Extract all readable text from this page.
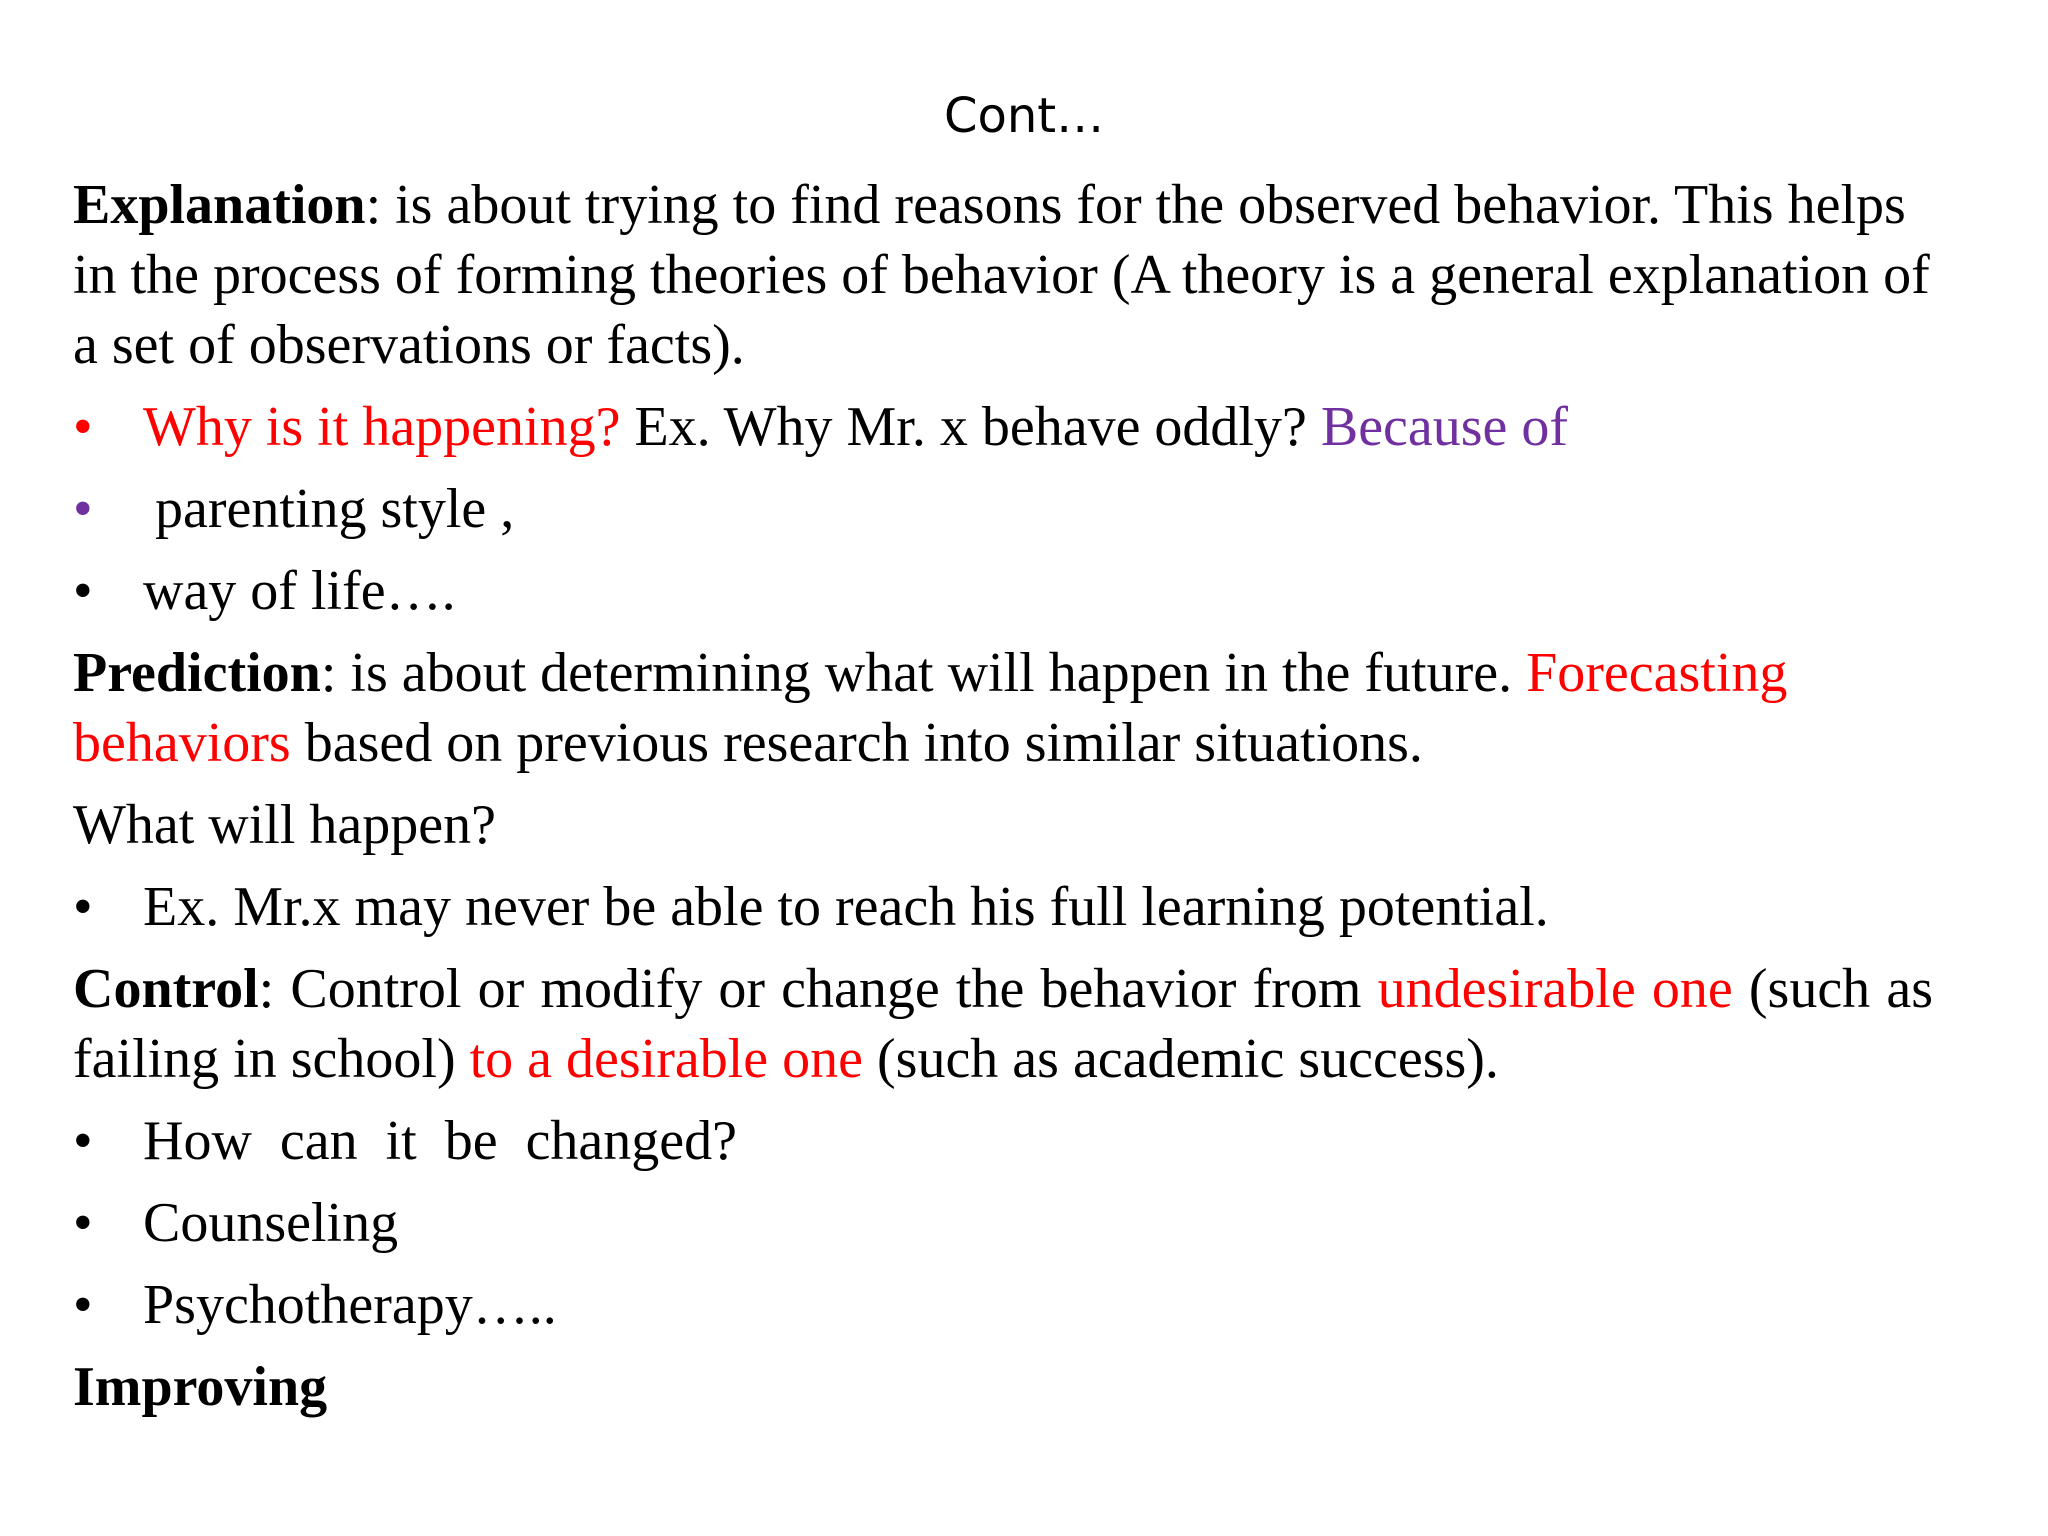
Cont…

Explanation: is about trying to find reasons for the observed behavior. This helps in the process of forming theories of behavior (A theory is a general explanation of a set of observations or facts).

• Why is it happening? Ex. Why Mr. x behave oddly? Because of
• parenting style ,
• way of life….

Prediction: is about determining what will happen in the future. Forecasting behaviors based on previous research into similar situations.

What will happen?

• Ex. Mr.x may never be able to reach his full learning potential.

Control: Control or modify or change the behavior from undesirable one (such as failing in school) to a desirable one (such as academic success).

• How  can  it  be  changed?
• Counseling
• Psychotherapy…..

Improving
